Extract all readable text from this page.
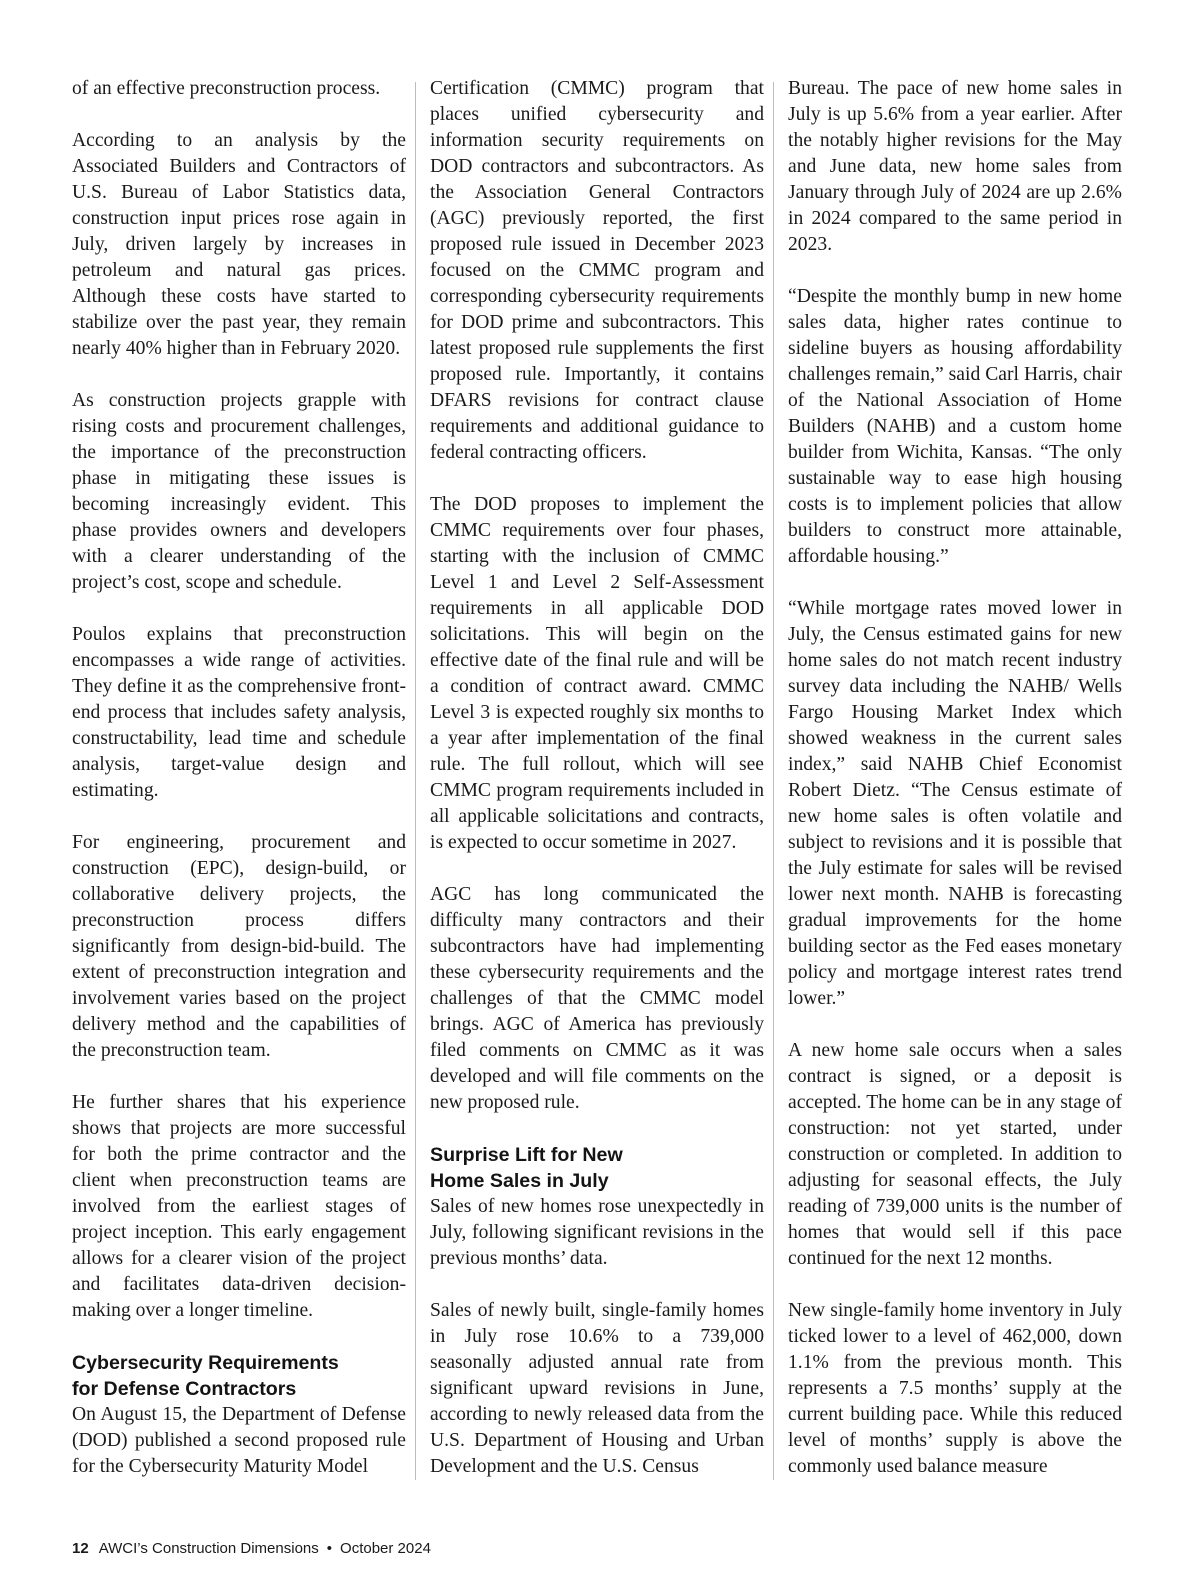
of an effective preconstruction process.

According to an analysis by the Associated Builders and Contractors of U.S. Bureau of Labor Statistics data, construction input prices rose again in July, driven largely by increases in petroleum and natural gas prices. Although these costs have started to stabilize over the past year, they remain nearly 40% higher than in February 2020.

As construction projects grapple with rising costs and procurement challenges, the importance of the preconstruction phase in mitigating these issues is becoming increasingly evident. This phase provides owners and developers with a clearer understanding of the project’s cost, scope and schedule.

Poulos explains that preconstruction encompasses a wide range of activities. They define it as the comprehensive front-end process that includes safety analysis, constructability, lead time and schedule analysis, target-value design and estimating.

For engineering, procurement and construction (EPC), design-build, or collaborative delivery projects, the preconstruction process differs significantly from design-bid-build. The extent of preconstruction integration and involvement varies based on the project delivery method and the capabilities of the preconstruction team.

He further shares that his experience shows that projects are more successful for both the prime contractor and the client when preconstruction teams are involved from the earliest stages of project inception. This early engagement allows for a clearer vision of the project and facilitates data-driven decision-making over a longer timeline.

Cybersecurity Requirements
for Defense Contractors

On August 15, the Department of Defense (DOD) published a second proposed rule for the Cybersecurity Maturity Model

Certification (CMMC) program that places unified cybersecurity and information security requirements on DOD contractors and subcontractors. As the Association General Contractors (AGC) previously reported, the first proposed rule issued in December 2023 focused on the CMMC program and corresponding cybersecurity requirements for DOD prime and subcontractors. This latest proposed rule supplements the first proposed rule. Importantly, it contains DFARS revisions for contract clause requirements and additional guidance to federal contracting officers.

The DOD proposes to implement the CMMC requirements over four phases, starting with the inclusion of CMMC Level 1 and Level 2 Self-Assessment requirements in all applicable DOD solicitations. This will begin on the effective date of the final rule and will be a condition of contract award. CMMC Level 3 is expected roughly six months to a year after implementation of the final rule. The full rollout, which will see CMMC program requirements included in all applicable solicitations and contracts, is expected to occur sometime in 2027.

AGC has long communicated the difficulty many contractors and their subcontractors have had implementing these cybersecurity requirements and the challenges of that the CMMC model brings. AGC of America has previously filed comments on CMMC as it was developed and will file comments on the new proposed rule.

Surprise Lift for New
Home Sales in July

Sales of new homes rose unexpectedly in July, following significant revisions in the previous months’ data.

Sales of newly built, single-family homes in July rose 10.6% to a 739,000 seasonally adjusted annual rate from significant upward revisions in June, according to newly released data from the U.S. Department of Housing and Urban Development and the U.S. Census

Bureau. The pace of new home sales in July is up 5.6% from a year earlier. After the notably higher revisions for the May and June data, new home sales from January through July of 2024 are up 2.6% in 2024 compared to the same period in 2023.

“Despite the monthly bump in new home sales data, higher rates continue to sideline buyers as housing affordability challenges remain,” said Carl Harris, chair of the National Association of Home Builders (NAHB) and a custom home builder from Wichita, Kansas. “The only sustainable way to ease high housing costs is to implement policies that allow builders to construct more attainable, affordable housing.”

“While mortgage rates moved lower in July, the Census estimated gains for new home sales do not match recent industry survey data including the NAHB/ Wells Fargo Housing Market Index which showed weakness in the current sales index,” said NAHB Chief Economist Robert Dietz. “The Census estimate of new home sales is often volatile and subject to revisions and it is possible that the July estimate for sales will be revised lower next month. NAHB is forecasting gradual improvements for the home building sector as the Fed eases monetary policy and mortgage interest rates trend lower.”

A new home sale occurs when a sales contract is signed, or a deposit is accepted. The home can be in any stage of construction: not yet started, under construction or completed. In addition to adjusting for seasonal effects, the July reading of 739,000 units is the number of homes that would sell if this pace continued for the next 12 months.

New single-family home inventory in July ticked lower to a level of 462,000, down 1.1% from the previous month. This represents a 7.5 months’ supply at the current building pace. While this reduced level of months’ supply is above the commonly used balance measure

12 AWCI’s Construction Dimensions • October 2024
